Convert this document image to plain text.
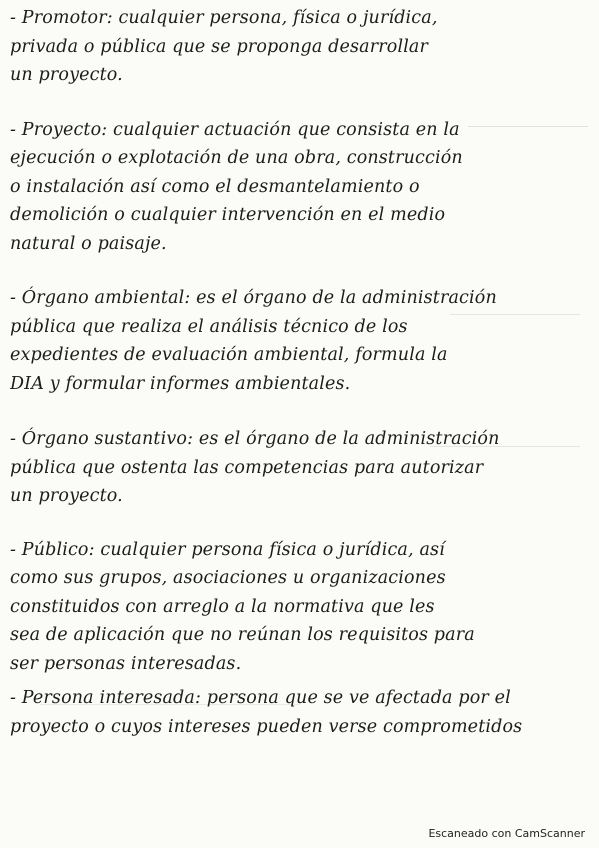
- Promotor: cualquier persona, física o jurídica,
privada o pública que se proponga desarrollar
un proyecto.
- Proyecto: cualquier actuación que consista en la
ejecución o explotación de una obra, construcción
o instalación así como el desmantelamiento o
demolición o cualquier intervención en el medio
natural o paisaje.
- Órgano ambiental: es el órgano de la administración
pública que realiza el análisis técnico de los
expedientes de evaluación ambiental, formula la
DIA y formular informes ambientales.
- Órgano sustantivo: es el órgano de la administración
pública que ostenta las competencias para autorizar
un proyecto.
- Público: cualquier persona física o jurídica, así
como sus grupos, asociaciones u organizaciones
constituidos con arreglo a la normativa que les
sea de aplicación que no reúnan los requisitos para
ser personas interesadas.
- Persona interesada: persona que se ve afectada por el
proyecto o cuyos intereses pueden verse comprometidos
Escaneado con CamScanner
